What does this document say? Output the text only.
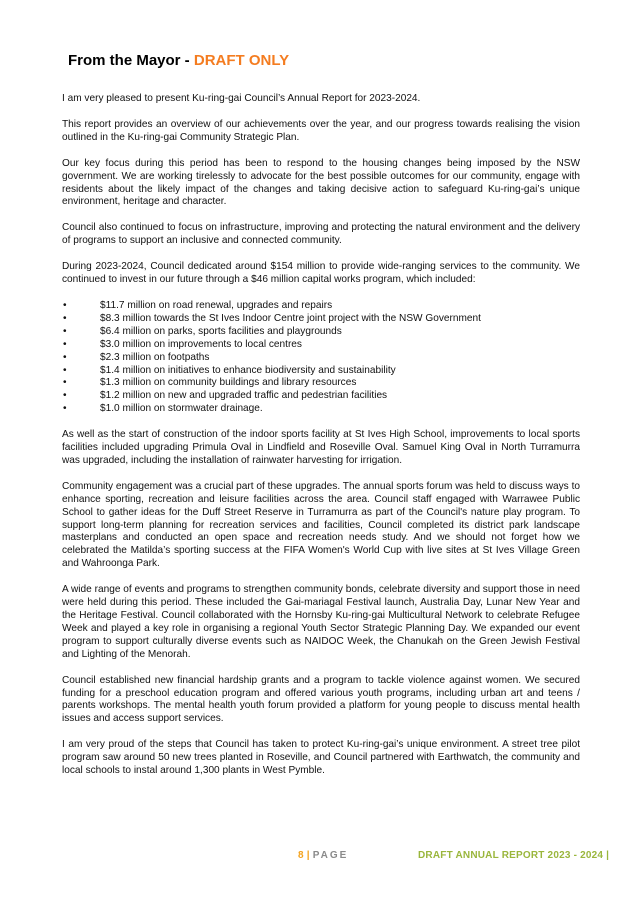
From the Mayor - DRAFT ONLY

I am very pleased to present Ku-ring-gai Council’s Annual Report for 2023-2024.

This report provides an overview of our achievements over the year, and our progress towards realising the vision outlined in the Ku-ring-gai Community Strategic Plan.

Our key focus during this period has been to respond to the housing changes being imposed by the NSW government. We are working tirelessly to advocate for the best possible outcomes for our community, engage with residents about the likely impact of the changes and taking decisive action to safeguard Ku-ring-gai’s unique environment, heritage and character.

Council also continued to focus on infrastructure, improving and protecting the natural environment and the delivery of programs to support an inclusive and connected community.

During 2023-2024, Council dedicated around $154 million to provide wide-ranging services to the community. We continued to invest in our future through a $46 million capital works program, which included:

•	$11.7 million on road renewal, upgrades and repairs
•	$8.3 million towards the St Ives Indoor Centre joint project with the NSW Government
•	$6.4 million on parks, sports facilities and playgrounds
•	$3.0 million on improvements to local centres
•	$2.3 million on footpaths
•	$1.4 million on initiatives to enhance biodiversity and sustainability
•	$1.3 million on community buildings and library resources
•	$1.2 million on new and upgraded traffic and pedestrian facilities
•	$1.0 million on stormwater drainage.

As well as the start of construction of the indoor sports facility at St Ives High School, improvements to local sports facilities included upgrading Primula Oval in Lindfield and Roseville Oval. Samuel King Oval in North Turramurra was upgraded, including the installation of rainwater harvesting for irrigation.

Community engagement was a crucial part of these upgrades. The annual sports forum was held to discuss ways to enhance sporting, recreation and leisure facilities across the area. Council staff engaged with Warrawee Public School to gather ideas for the Duff Street Reserve in Turramurra as part of the Council's nature play program. To support long-term planning for recreation services and facilities, Council completed its district park landscape masterplans and conducted an open space and recreation needs study. And we should not forget how we celebrated the Matilda’s sporting success at the FIFA Women's World Cup with live sites at St Ives Village Green and Wahroonga Park.

A wide range of events and programs to strengthen community bonds, celebrate diversity and support those in need were held during this period. These included the Gai-mariagal Festival launch, Australia Day, Lunar New Year and the Heritage Festival. Council collaborated with the Hornsby Ku-ring-gai Multicultural Network to celebrate Refugee Week and played a key role in organising a regional Youth Sector Strategic Planning Day. We expanded our event program to support culturally diverse events such as NAIDOC Week, the Chanukah on the Green Jewish Festival and Lighting of the Menorah.

Council established new financial hardship grants and a program to tackle violence against women. We secured funding for a preschool education program and offered various youth programs, including urban art and teens / parents workshops. The mental health youth forum provided a platform for young people to discuss mental health issues and access support services.

I am very proud of the steps that Council has taken to protect Ku-ring-gai’s unique environment. A street tree pilot program saw around 50 new trees planted in Roseville, and Council partnered with Earthwatch, the community and local schools to instal around 1,300 plants in West Pymble.

8 | PAGE	DRAFT ANNUAL REPORT 2023 - 2024 |
